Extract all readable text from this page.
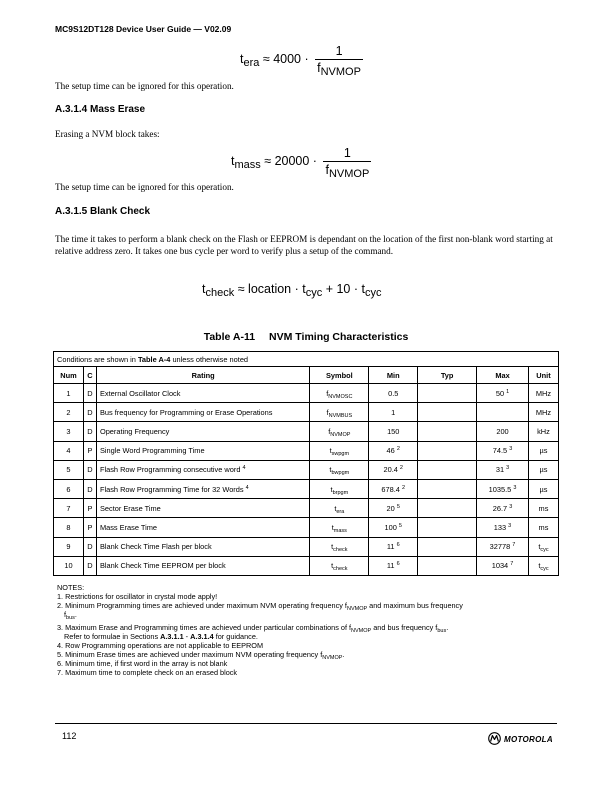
MC9S12DT128 Device User Guide — V02.09
$t_{era} \approx 4000 \cdot \frac{1}{f_{NVMOP}}$
The setup time can be ignored for this operation.
A.3.1.4 Mass Erase
Erasing a NVM block takes:
$t_{mass} \approx 20000 \cdot \frac{1}{f_{NVMOP}}$
The setup time can be ignored for this operation.
A.3.1.5 Blank Check
The time it takes to perform a blank check on the Flash or EEPROM is dependant on the location of the first non-blank word starting at relative address zero. It takes one bus cycle per word to verify plus a setup of the command.
$t_{check}$ ≈ location · $t_{cyc} + 10 \cdot t_{cyc}$
Table A-11 NVM Timing Characteristics
Conditions are shown in Table A-4 unless otherwise noted							
Num	C	Rating	Symbol	Min	Typ	Max	Unit
1	D	External Oscillator Clock	$f_{NVMOSC}$	0.5		50 $^1$	MHz
2	D	Bus frequency for Programming or Erase Operations	$f_{NVMBUS}$	1			MHz
3	D	Operating Frequency	$f_{NVMOP}$	150		200	kHz
4	P	Single Word Programming Time	$t_{swpgm}$	46 $^2$		74.5 $^3$	µs
5	D	Flash Row Programming consecutive word $^4$	$t_{bwpgm}$	20.4 $^2$		31 $^3$	µs
6	D	Flash Row Programming Time for 32 Words $^4$	$t_{brpgm}$	678.4 $^2$		1035.5 $^3$	µs
7	P	Sector Erase Time	$t_{era}$	20 $^5$		26.7 $^3$	ms
8	P	Mass Erase Time	$t_{mass}$	100 $^5$		133 $^3$	ms
9	D	Blank Check Time Flash per block	$t_{check}$	11 $^6$		32778 $^7$	$t_{cyc}$
10	D	Blank Check Time EEPROM per block	$t_{check}$	11 $^6$		1034 $^7$	$t_{cyc}$
NOTES:
1. Restrictions for oscillator in crystal mode apply!
2. Minimum Programming times are achieved under maximum NVM operating frequency $f_{NVMOP}$ and maximum bus frequency
$f_{bus}$.
3. Maximum Erase and Programming times are achieved under particular combinations of $f_{NVMOP}$ and bus frequency $f_{bus}$.
Refer to formulae in Sections A.3.1.1 - A.3.1.4 for guidance.
4. Row Programming operations are not applicable to EEPROM
5. Minimum Erase times are achieved under maximum NVM operating frequency $f_{NVMOP}$.
6. Minimum time, if first word in the array is not blank
7. Maximum time to complete check on an erased block
112	MOTOROLA
